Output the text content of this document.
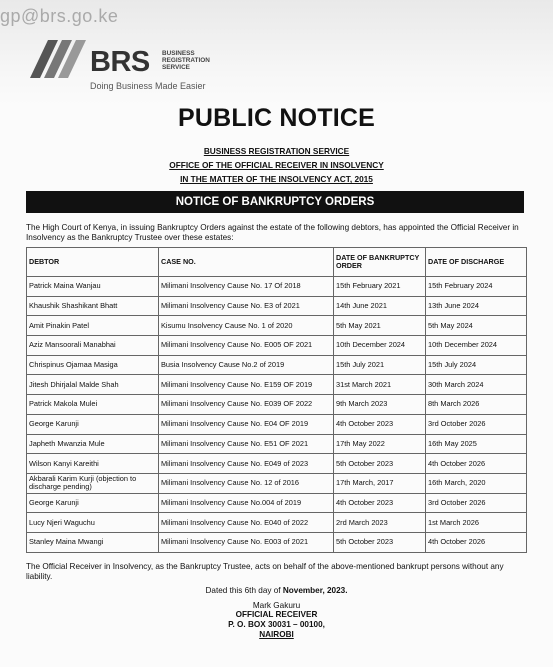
gp@brs.go.ke
BRS BUSINESS
REGISTRATION
SERVICE
Doing Business Made Easier
PUBLIC NOTICE
BUSINESS REGISTRATION SERVICE
OFFICE OF THE OFFICIAL RECEIVER IN INSOLVENCY
IN THE MATTER OF THE INSOLVENCY ACT, 2015
NOTICE OF BANKRUPTCY ORDERS
The High Court of Kenya, in issuing Bankruptcy Orders against the estate of the following debtors, has appointed the Official Receiver in Insolvency as the Bankruptcy Trustee over these estates:
DEBTOR	CASE NO.	DATE OF BANKRUPTCY ORDER	DATE OF DISCHARGE
Patrick Maina Wanjau	Milimani Insolvency Cause No. 17 Of 2018	15th February 2021	15th February 2024
Khaushik Shashikant Bhatt	Milimani Insolvency Cause No. E3 of 2021	14th June 2021	13th June 2024
Amit Pinakin Patel	Kisumu Insolvency Cause No. 1 of 2020	5th May 2021	5th May 2024
Aziz Mansoorali Manabhai	Milimani Insolvency Cause No. E005 OF 2021	10th December 2024	10th December 2024
Chrispinus Ojamaa Masiga	Busia Insolvency Cause No.2 of 2019	15th July 2021	15th July 2024
Jitesh Dhirjalal Malde Shah	Milimani Insolvency Cause No. E159 OF 2019	31st March 2021	30th March 2024
Patrick Makola Mulei	Milimani Insolvency Cause No. E039 OF 2022	9th March 2023	8th March 2026
George Karunji	Milimani Insolvency Cause No. E04 OF 2019	4th October 2023	3rd October 2026
Japheth Mwanzia Mule	Milimani Insolvency Cause No. E51 OF 2021	17th May 2022	16th May 2025
Wilson Kanyi Kareithi	Milimani Insolvency Cause No. E049 of 2023	5th October 2023	4th October 2026
Akbarali Karim Kurji (objection to discharge pending)	Milimani Insolvency Cause No. 12 of 2016	17th March, 2017	16th March, 2020
George Karunji	Milimani Insolvency Cause No.004 of 2019	4th October 2023	3rd October 2026
Lucy Njeri Waguchu	Milimani Insolvency Cause No. E040 of 2022	2rd March 2023	1st March 2026
Stanley Maina Mwangi	Milimani Insolvency Cause No. E003 of 2021	5th October 2023	4th October 2026
The Official Receiver in Insolvency, as the Bankruptcy Trustee, acts on behalf of the above-mentioned bankrupt persons without any liability.
Dated this 6th day of November, 2023.
Mark Gakuru
OFFICIAL RECEIVER
P. O. BOX 30031 – 00100,
NAIROBI
